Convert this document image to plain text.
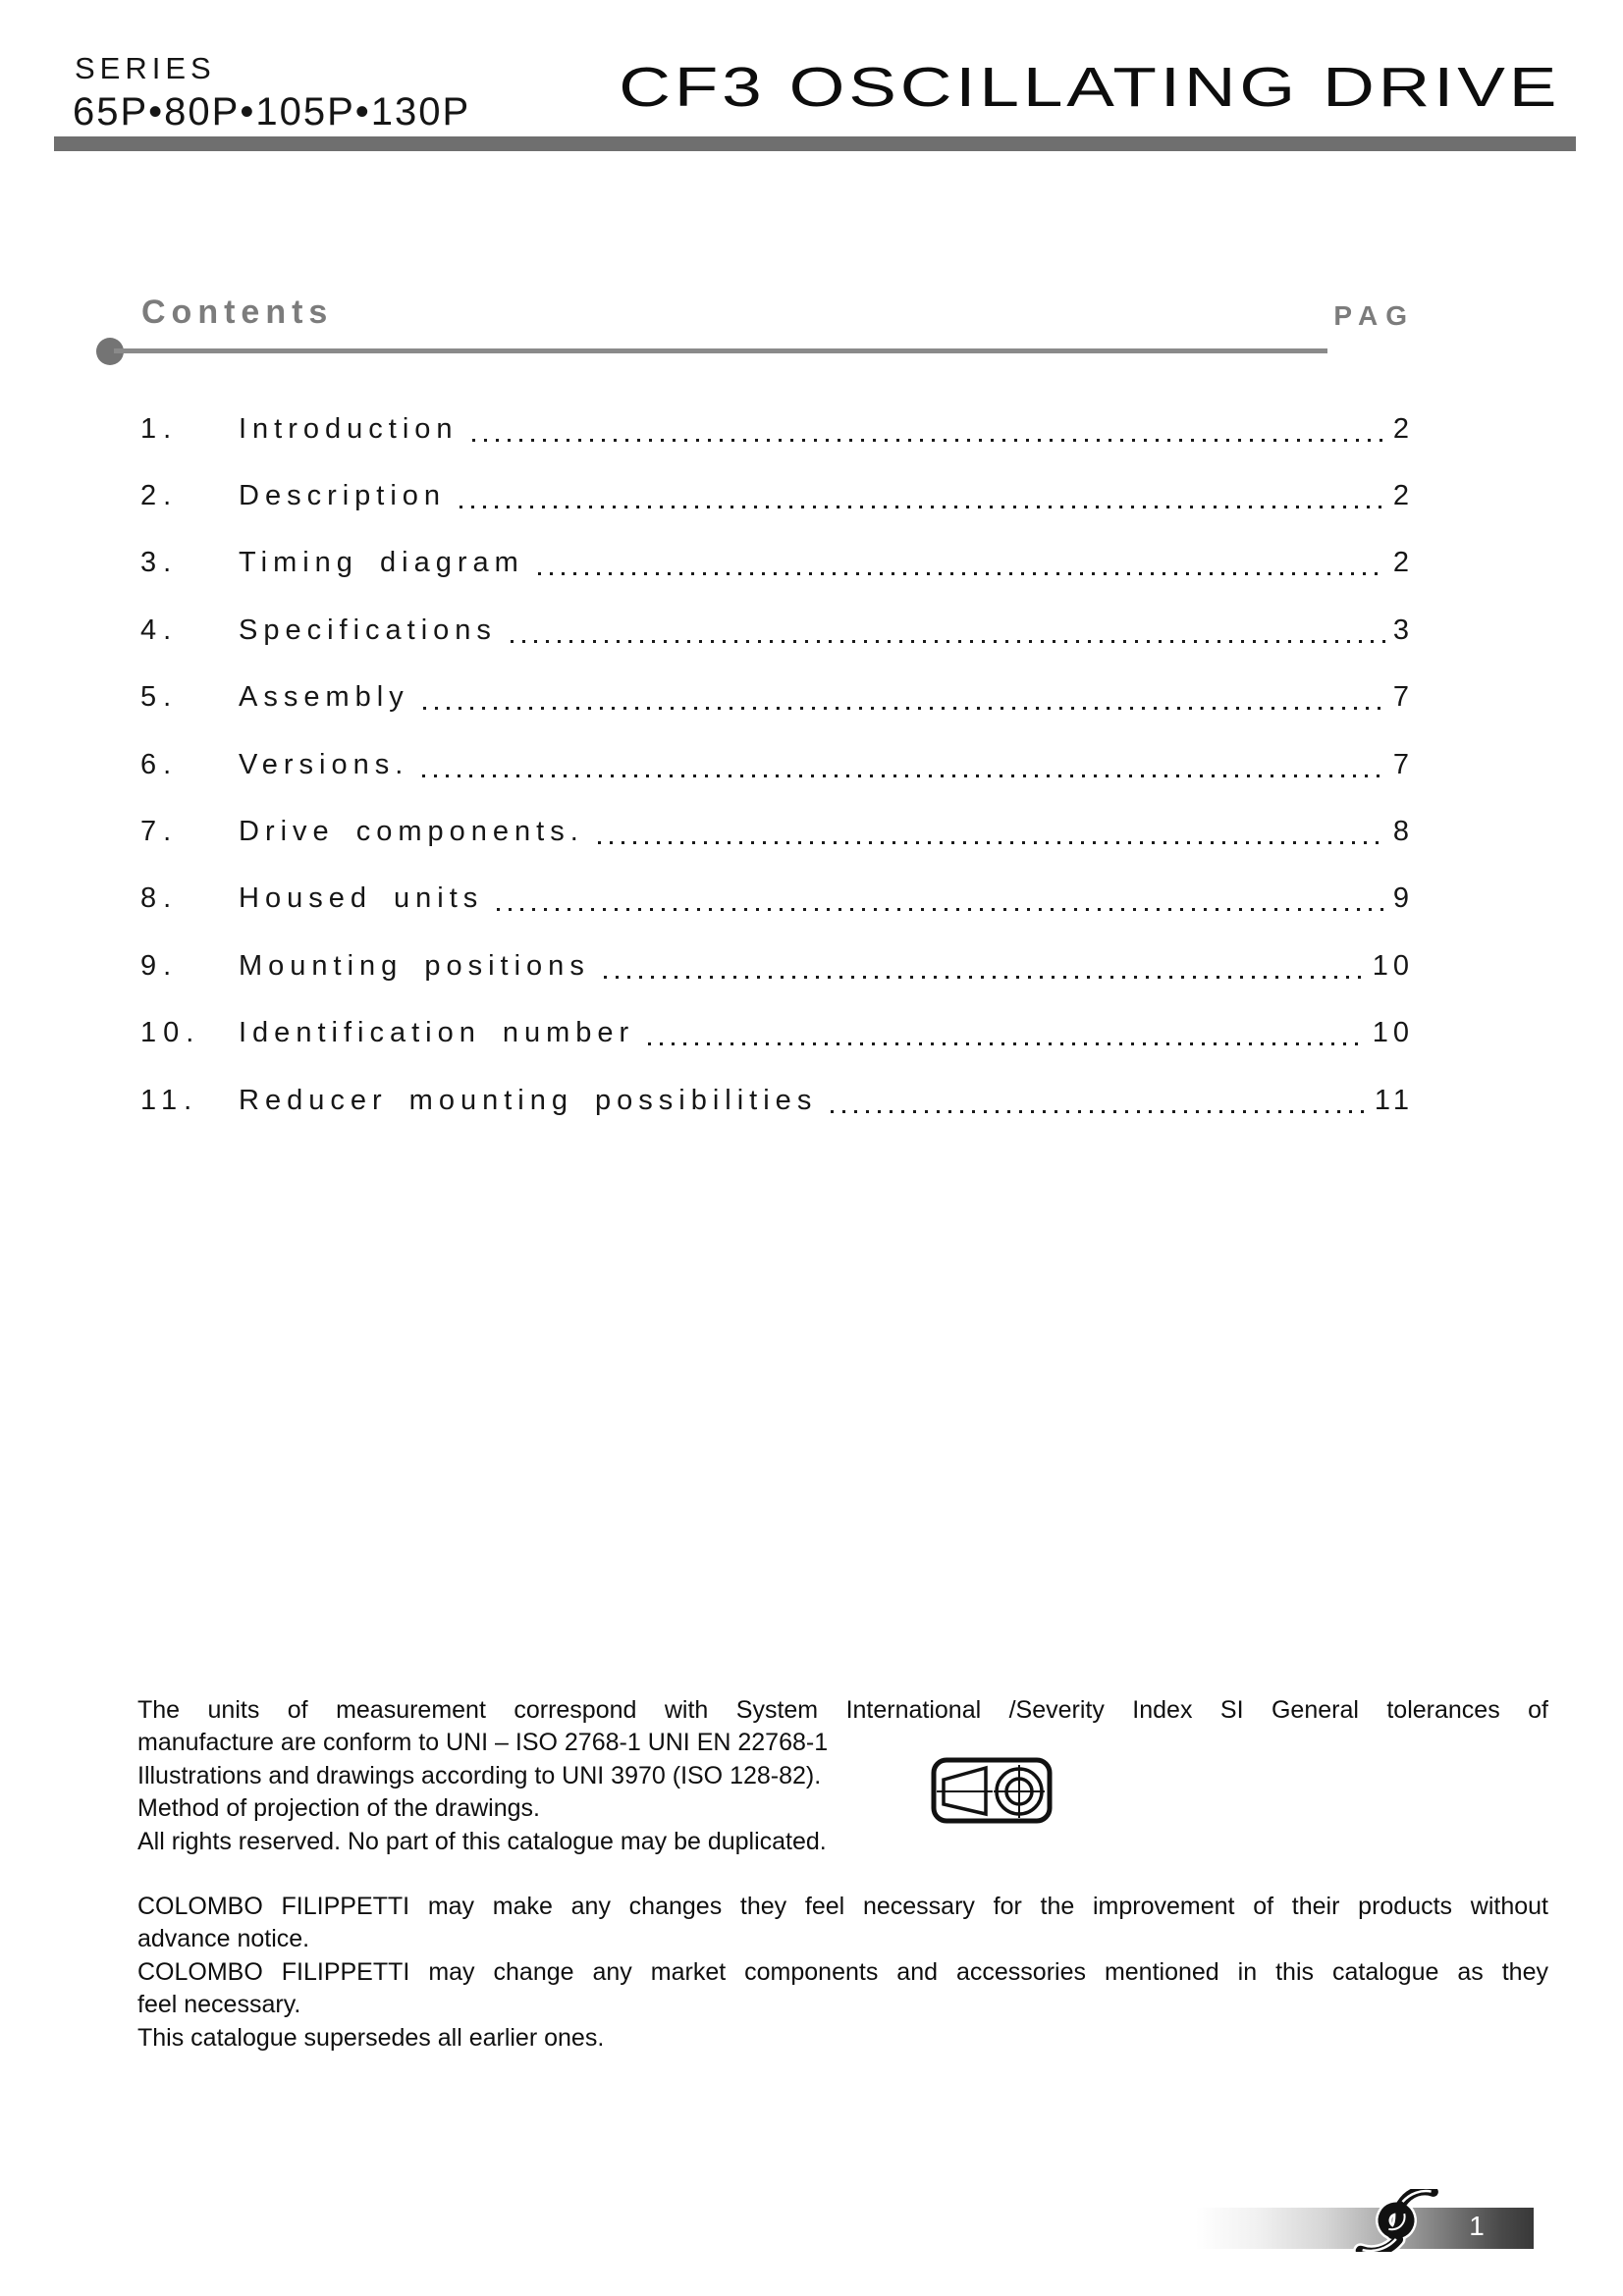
SERIES
65P•80P•105P•130P	CF3 OSCILLATING DRIVE
Contents	PAG
1.	Introduction	2
2.	Description	2
3.	Timing diagram	2
4.	Specifications	3
5.	Assembly	7
6.	Versions.	7
7.	Drive components.	8
8.	Housed units	9
9.	Mounting positions	10
10.	Identification number	10
11.	Reducer mounting possibilities	11
The units of measurement correspond with System International /Severity Index SI General tolerances of
manufacture are conform to UNI – ISO 2768-1 UNI EN 22768-1
Illustrations and drawings according to UNI 3970 (ISO 128-82).
Method of projection of the drawings.
All rights reserved. No part of this catalogue may be duplicated.
COLOMBO FILIPPETTI may make any changes they feel necessary for the improvement of their products without
advance notice.
COLOMBO FILIPPETTI may change any market components and accessories mentioned in this catalogue as they
feel necessary.
This catalogue supersedes all earlier ones.
1
